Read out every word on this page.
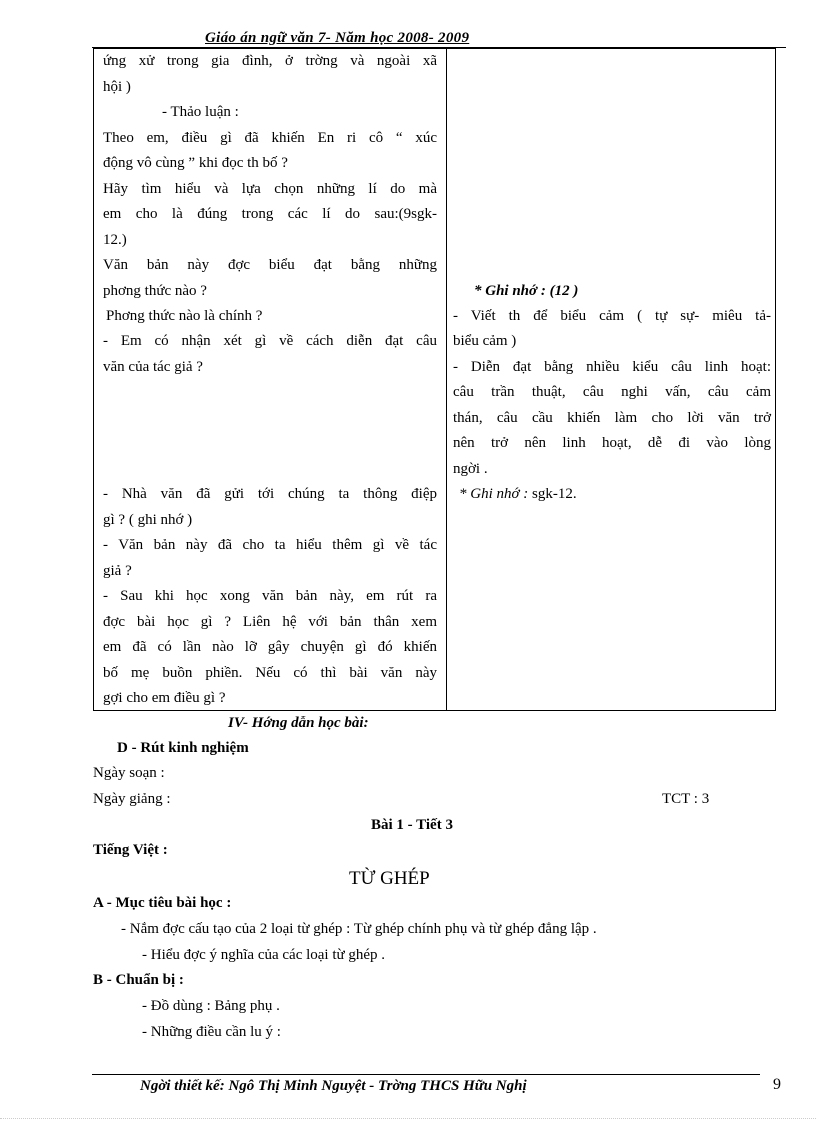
Giáo án ngữ văn 7- Năm học 2008- 2009
ứng xử trong gia đình, ở trờng và ngoài xã
hội )
- Thảo luận :
Theo em, điều gì đã khiến En ri cô “ xúc
động vô cùng ” khi đọc th bố ?
Hãy tìm hiểu và lựa chọn những lí do mà
em cho là đúng trong các lí do sau:(9sgk-
12.)
Văn bản này đợc biểu đạt bằng những
phơng thức nào ?
Phơng thức nào là chính ?
- Em có nhận xét gì về cách diễn đạt câu
văn của tác giả ?
- Nhà văn đã gửi tới chúng ta thông điệp
gì ? ( ghi nhớ )
- Văn bản này đã cho ta hiểu thêm gì về tác
giả ?
- Sau khi học xong văn bản này, em rút ra
đợc bài học gì ? Liên hệ với bản thân xem
em đã có lần nào lỡ gây chuyện gì đó khiến
bố mẹ buồn phiền. Nếu có thì bài văn này
gợi cho em điều gì ?
* Ghi nhớ : (12 )
- Viết th để biểu cảm ( tự sự- miêu tả-
biểu cảm )
- Diễn đạt bằng nhiều kiểu câu linh hoạt:
câu trần thuật, câu nghi vấn, câu cảm
thán, câu cầu khiến làm cho lời văn trở
nên trở nên linh hoạt, dễ đi vào lòng
ngời .
* Ghi nhớ : sgk-12.
IV- Hớng dẫn học bài:
D - Rút kinh nghiệm
Ngày soạn :
Ngày giảng :	TCT : 3
Bài 1 - Tiết 3
Tiếng Việt :
TỪ GHÉP
A - Mục tiêu bài học :
- Nắm đợc cấu tạo của 2 loại từ ghép : Từ ghép chính phụ và từ ghép đẳng lập .
- Hiểu đợc ý nghĩa của các loại từ ghép .
B - Chuẩn bị :
- Đồ dùng : Bảng phụ .
- Những điều cần lu ý :
Ngời thiết kế: Ngô Thị Minh Nguyệt - Trờng THCS Hữu Nghị	9
